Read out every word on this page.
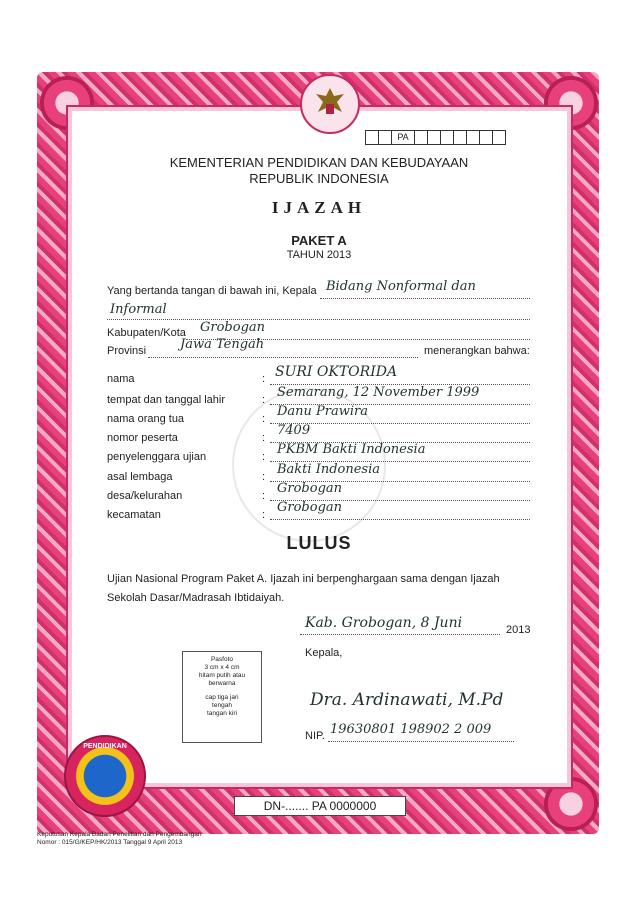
PA
KEMENTERIAN PENDIDIKAN DAN KEBUDAYAAN
REPUBLIK INDONESIA
IJAZAH
PAKET A
TAHUN 2013
Yang bertanda tangan di bawah ini, Kepala Bidang Nonformal dan
Informal
Kabupaten/Kota Grobogan
Provinsi	Jawa Tengah	menerangkan bahwa:
nama	: SURI OKTORIDA
tempat dan tanggal lahir	: Semarang, 12 November 1999
nama orang tua	: Danu Prawira
nomor peserta	: 7409
penyelenggara ujian	: PKBM Bakti Indonesia
asal lembaga	: Bakti Indonesia
desa/kelurahan	: Grobogan
kecamatan	: Grobogan
LULUS
Ujian Nasional Program Paket A. Ijazah ini berpenghargaan sama dengan Ijazah
Sekolah Dasar/Madrasah Ibtidaiyah.
Kab. Grobogan, 8 Juni	2013
Kepala,
Pasfoto
3 cm x 4 cm
hitam putih atau
berwarna
cap tiga jari
tengah
tangan kiri
Dra. Ardinawati, M.Pd
NIP. 19630801 198902 2 009
PENDIDIKAN
DN-....... PA 0000000
Keputusan Kepala Badan Penelitian dan Pengembangan
Nomor : 015/G/KEP/HK/2013 Tanggal 9 April 2013
